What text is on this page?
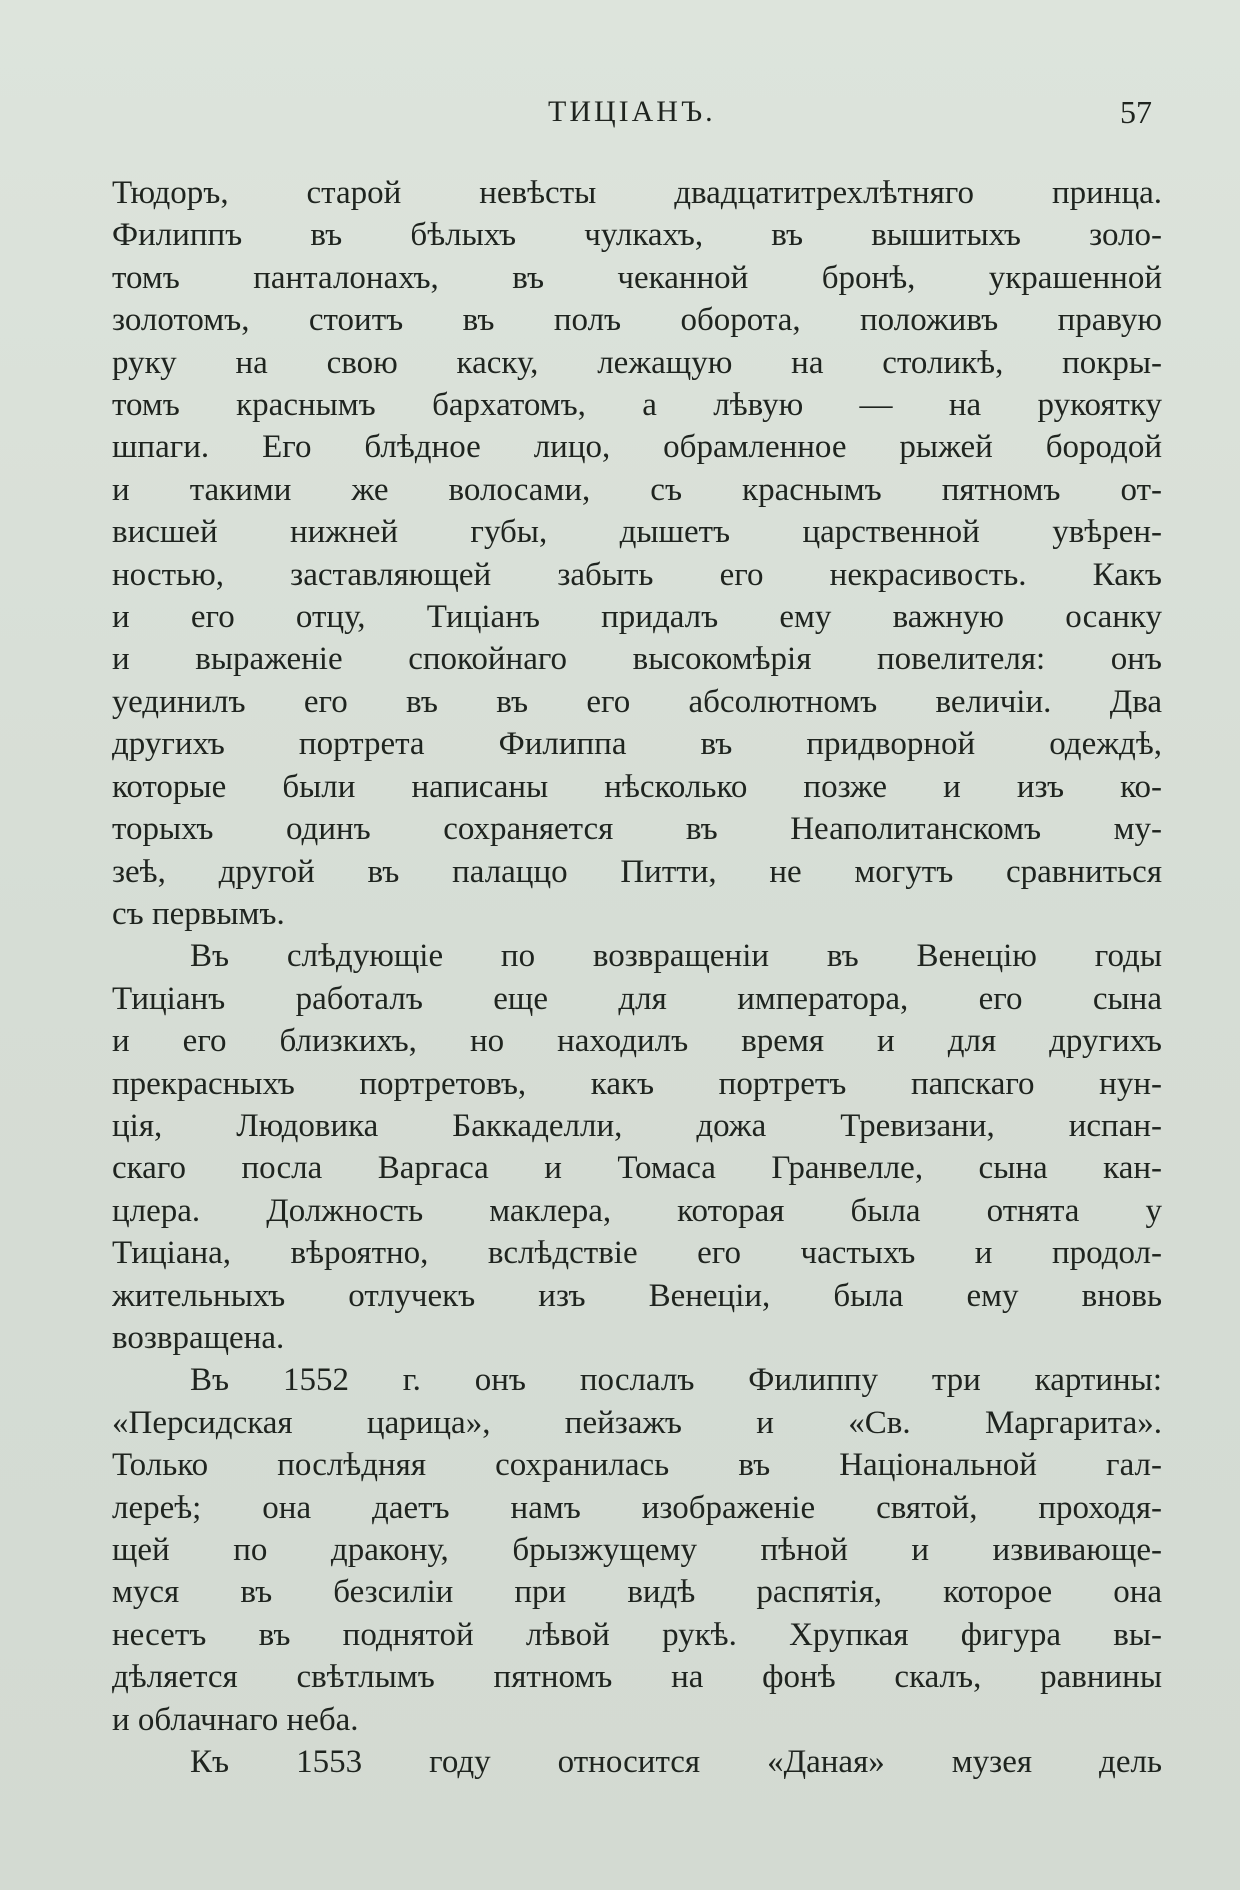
ТИЦІАНЪ.	57
Тюдоръ, старой невѣсты двадцатитрехлѣтняго принца.
Филиппъ въ бѣлыхъ чулкахъ, въ вышитыхъ золо-
томъ панталонахъ, въ чеканной бронѣ, украшенной
золотомъ, стоитъ въ полъ оборота, положивъ правую
руку на свою каску, лежащую на столикѣ, покры-
томъ краснымъ бархатомъ, а лѣвую — на рукоятку
шпаги. Его блѣдное лицо, обрамленное рыжей бородой
и такими же волосами, съ краснымъ пятномъ от-
висшей нижней губы, дышетъ царственной увѣрен-
ностью, заставляющей забыть его некрасивость. Какъ
и его отцу, Тиціанъ придалъ ему важную осанку
и выраженіе спокойнаго высокомѣрія повелителя: онъ
уединилъ его въ въ его абсолютномъ величіи. Два
другихъ портрета Филиппа въ придворной одеждѣ,
которые были написаны нѣсколько позже и изъ ко-
торыхъ одинъ сохраняется въ Неаполитанскомъ му-
зеѣ, другой въ палаццо Питти, не могутъ сравниться
съ первымъ.
Въ слѣдующіе по возвращеніи въ Венецію годы
Тиціанъ работалъ еще для императора, его сына
и его близкихъ, но находилъ время и для другихъ
прекрасныхъ портретовъ, какъ портретъ папскаго нун-
ція, Людовика Баккаделли, дожа Тревизани, испан-
скаго посла Варгаса и Томаса Гранвелле, сына кан-
цлера. Должность маклера, которая была отнята у
Тиціана, вѣроятно, вслѣдствіе его частыхъ и продол-
жительныхъ отлучекъ изъ Венеціи, была ему вновь
возвращена.
Въ 1552 г. онъ послалъ Филиппу три картины:
«Персидская царица», пейзажъ и «Св. Маргарита».
Только послѣдняя сохранилась въ Національной гал-
лереѣ; она даетъ намъ изображеніе святой, проходя-
щей по дракону, брызжущему пѣной и извивающе-
муся въ безсиліи при видѣ распятія, которое она
несетъ въ поднятой лѣвой рукѣ. Хрупкая фигура вы-
дѣляется свѣтлымъ пятномъ на фонѣ скалъ, равнины
и облачнаго неба.
Къ 1553 году относится «Даная» музея дель
